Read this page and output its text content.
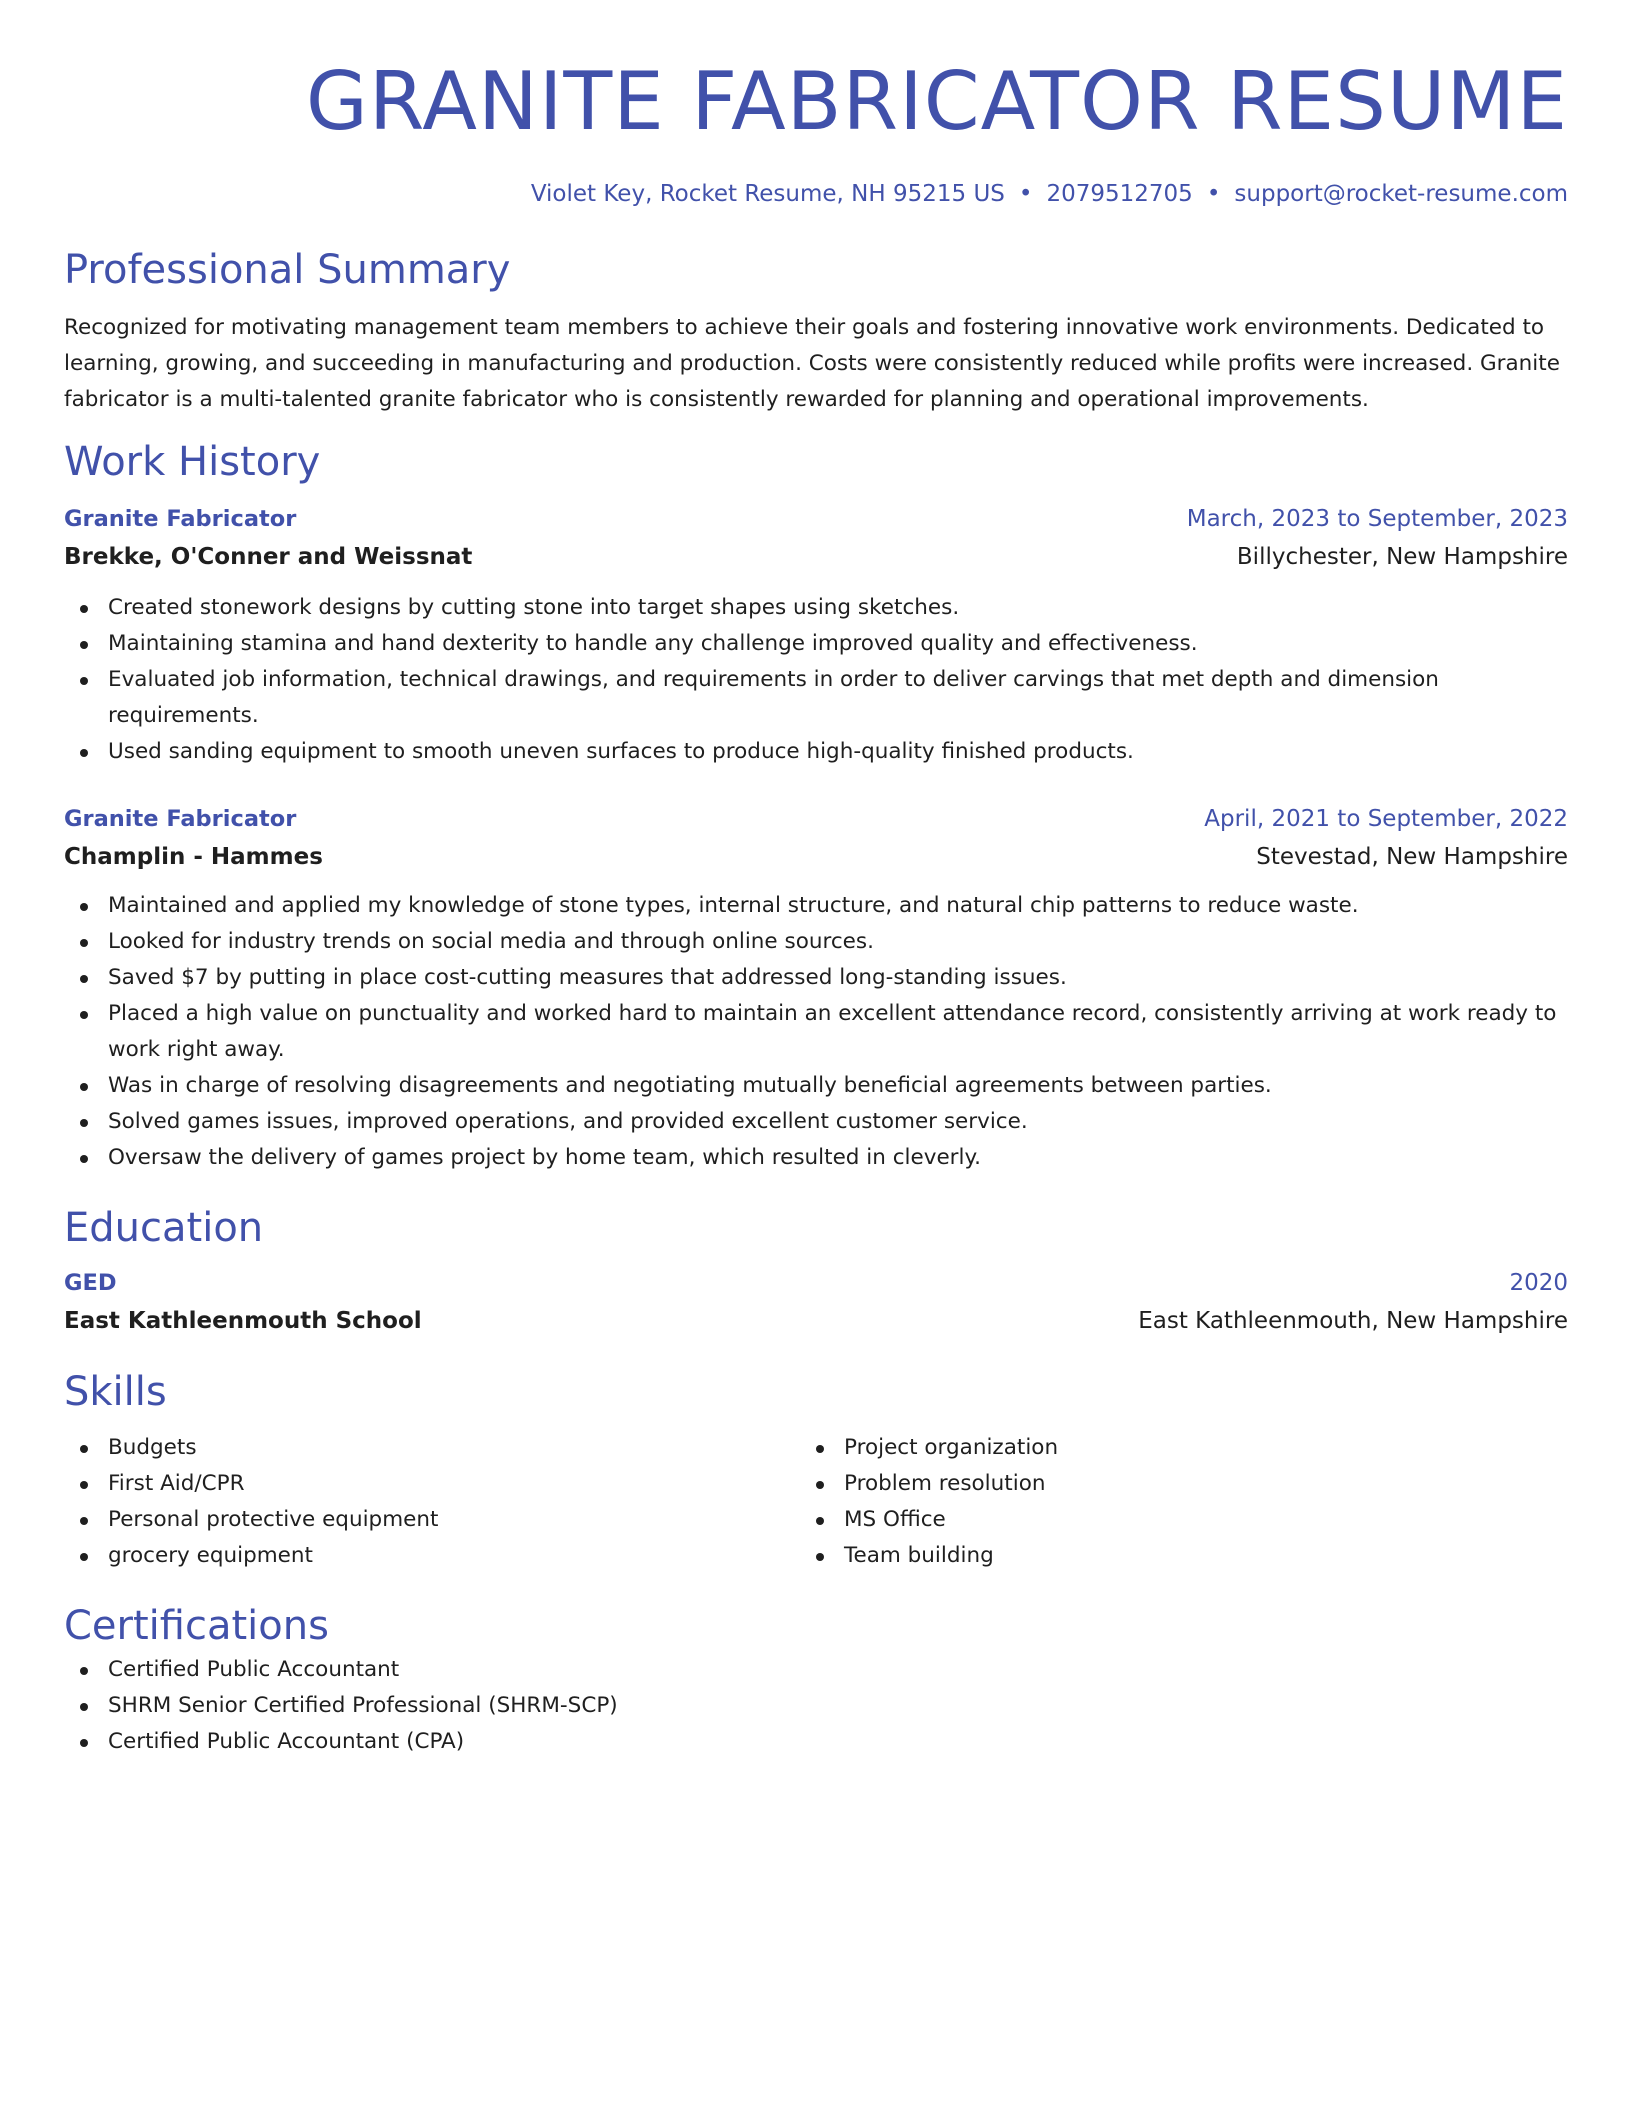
GRANITE FABRICATOR RESUME
Violet Key, Rocket Resume, NH 95215 US • 2079512705 • support@rocket-resume.com
Professional Summary

Recognized for motivating management team members to achieve their goals and fostering innovative work environments. Dedicated to learning, growing, and succeeding in manufacturing and production. Costs were consistently reduced while profits were increased. Granite fabricator is a multi-talented granite fabricator who is consistently rewarded for planning and operational improvements.

Work History
Granite Fabricator	March, 2023 to September, 2023
Brekke, O'Conner and Weissnat	Billychester, New Hampshire
Created stonework designs by cutting stone into target shapes using sketches.
Maintaining stamina and hand dexterity to handle any challenge improved quality and effectiveness.
Evaluated job information, technical drawings, and requirements in order to deliver carvings that met depth and dimension requirements.
Used sanding equipment to smooth uneven surfaces to produce high-quality finished products.
Granite Fabricator	April, 2021 to September, 2022
Champlin - Hammes	Stevestad, New Hampshire
Maintained and applied my knowledge of stone types, internal structure, and natural chip patterns to reduce waste.
Looked for industry trends on social media and through online sources.
Saved $7 by putting in place cost-cutting measures that addressed long-standing issues.
Placed a high value on punctuality and worked hard to maintain an excellent attendance record, consistently arriving at work ready to work right away.
Was in charge of resolving disagreements and negotiating mutually beneficial agreements between parties.
Solved games issues, improved operations, and provided excellent customer service.
Oversaw the delivery of games project by home team, which resulted in cleverly.
Education
GED	2020
East Kathleenmouth School	East Kathleenmouth, New Hampshire
Skills
Budgets
First Aid/CPR
Personal protective equipment
grocery equipment
Project organization
Problem resolution
MS Office
Team building
Certifications
Certified Public Accountant
SHRM Senior Certified Professional (SHRM-SCP)
Certified Public Accountant (CPA)
